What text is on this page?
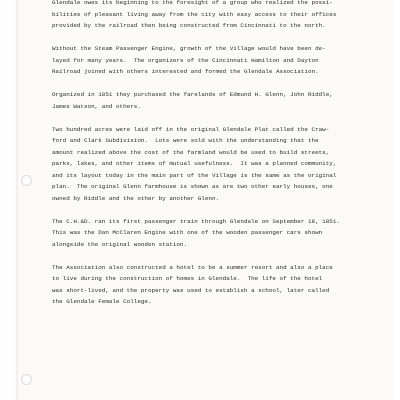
Glendale owes its beginning to the foresight of a group who realized the possi-
bilities of pleasant living away from the city with easy access to their offices
provided by the railroad then being constructed from Cincinnati to the north.

Without the Steam Passenger Engine, growth of the Village would have been de-
layed for many years.  The organizers of the Cincinnati Hamilton and Dayton
Railroad joined with others interested and formed the Glendale Association.

Organized in 1851 they purchased the farelands of Edmund H. Glenn, John Riddle,
James Watson, and others.

Two hundred acres were laid off in the original Glendale Plat called the Craw-
ford and Clark Subdivision.  Lots were sold with the understanding that the
amount realized above the cost of the farmland would be used to build streets,
parks, lakes, and other items of mutual usefulness.  It was a planned community,
and its layout today in the main part of the Village is the same as the original
plan.  The original Glenn farmhouse is shown as are two other early houses, one
owned by Riddle and the other by another Glenn.

The C.H.&D. ran its first passenger train through Glendale on September 18, 1851.
This was the Dan McClaren Engine with one of the wooden passenger cars shown
alongside the original wooden station.

The Association also constructed a hotel to be a summer resort and also a place
to live during the construction of homes in Glendale.  The life of the hotel
was short-lived, and the property was used to establish a school, later called
the Glendale Female College.
